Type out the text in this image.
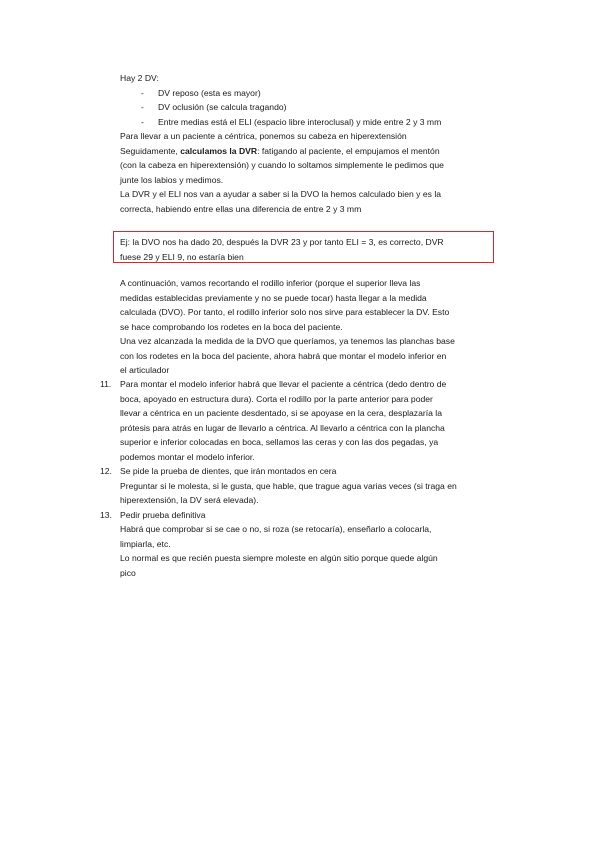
Hay 2 DV:
- DV reposo (esta es mayor)
- DV oclusión (se calcula tragando)
- Entre medias está el ELI (espacio libre interoclusal) y mide entre 2 y 3 mm
Para llevar a un paciente a céntrica, ponemos su cabeza en hiperextensión
Seguidamente, calculamos la DVR: fatigando al paciente, el empujamos el mentón
(con la cabeza en hiperextensión) y cuando lo soltamos simplemente le pedimos que
junte los labios y medimos.
La DVR y el ELI nos van a ayudar a saber si la DVO la hemos calculado bien y es la
correcta, habiendo entre ellas una diferencia de entre 2 y 3 mm
Ej: la DVO nos ha dado 20, después la DVR 23 y por tanto ELI = 3, es correcto, DVR
fuese 29 y ELI 9, no estaría bien
A continuación, vamos recortando el rodillo inferior (porque el superior lleva las
medidas establecidas previamente y no se puede tocar) hasta llegar a la medida
calculada (DVO). Por tanto, el rodillo inferior solo nos sirve para establecer la DV. Esto
se hace comprobando los rodetes en la boca del paciente.
Una vez alcanzada la medida de la DVO que queríamos, ya tenemos las planchas base
con los rodetes en la boca del paciente, ahora habrá que montar el modelo inferior en
el articulador
11. Para montar el modelo inferior habrá que llevar el paciente a céntrica (dedo dentro de
boca, apoyado en estructura dura). Corta el rodillo por la parte anterior para poder
llevar a céntrica en un paciente desdentado, si se apoyase en la cera, desplazaría la
prótesis para atrás en lugar de llevarlo a céntrica. Al llevarlo a céntrica con la plancha
superior e inferior colocadas en boca, sellamos las ceras y con las dos pegadas, ya
podemos montar el modelo inferior.
12. Se pide la prueba de dientes, que irán montados en cera
Preguntar si le molesta, si le gusta, que hable, que trague agua varias veces (si traga en
hiperextensión, la DV será elevada).
13. Pedir prueba definitiva
Habrá que comprobar si se cae o no, si roza (se retocaría), enseñarlo a colocarla,
limpiarla, etc.
Lo normal es que recién puesta siempre moleste en algún sitio porque quede algún
pico
